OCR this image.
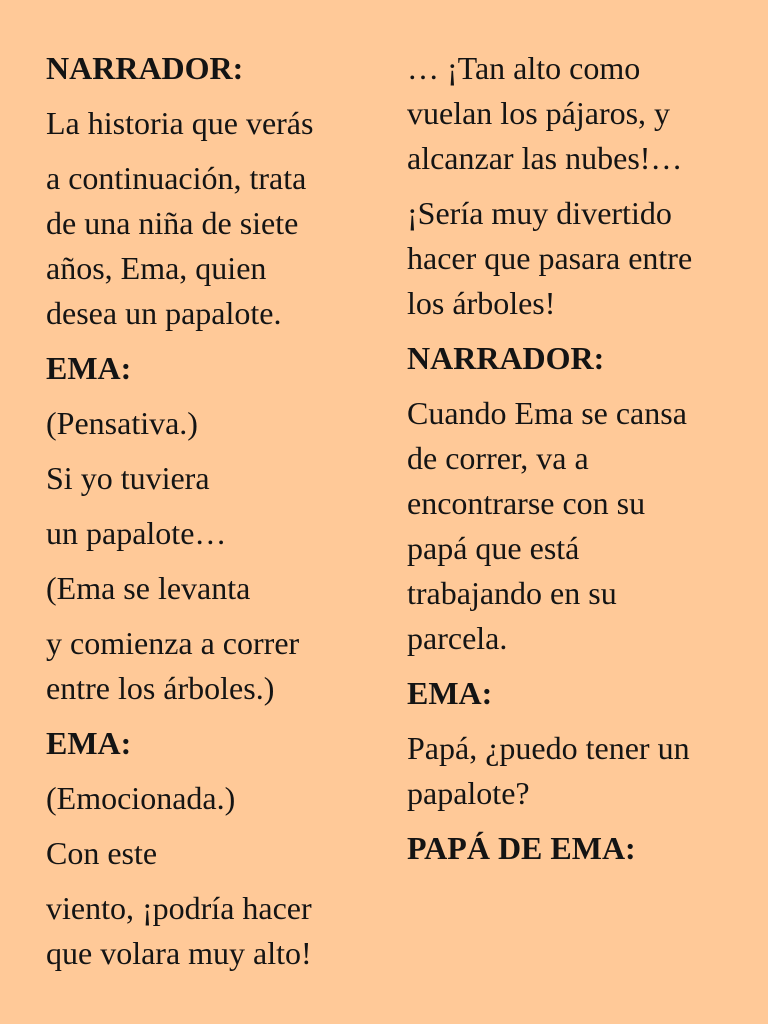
NARRADOR:
La historia que verás
a continuación, trata
de una niña de siete
años, Ema, quien
desea un papalote.
EMA:
(Pensativa.)
Si yo tuviera
un papalote…
(Ema se levanta
y comienza a correr
entre los árboles.)
EMA:
(Emocionada.)
Con este
viento, ¡podría hacer
que volara muy alto!
… ¡Tan alto como
vuelan los pájaros, y
alcanzar las nubes!…
¡Sería muy divertido
hacer que pasara entre
los árboles!
NARRADOR:
Cuando Ema se cansa
de correr, va a
encontrarse con su
papá que está
trabajando en su
parcela.
EMA:
Papá, ¿puedo tener un
papalote?
PAPÁ DE EMA:
